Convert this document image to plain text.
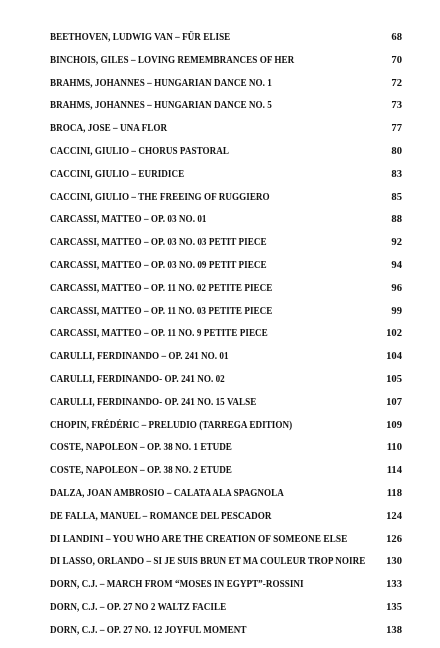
BEETHOVEN, LUDWIG VAN – FÜR ELISE	68
BINCHOIS, GILES – LOVING REMEMBRANCES OF HER	70
BRAHMS, JOHANNES – HUNGARIAN DANCE NO. 1	72
BRAHMS, JOHANNES – HUNGARIAN DANCE NO. 5	73
BROCA, JOSE – UNA FLOR	77
CACCINI, GIULIO – CHORUS PASTORAL	80
CACCINI, GIULIO – EURIDICE	83
CACCINI, GIULIO – THE FREEING OF RUGGIERO	85
CARCASSI, MATTEO – OP. 03 NO. 01	88
CARCASSI, MATTEO – OP. 03 NO. 03 PETIT PIECE	92
CARCASSI, MATTEO – OP. 03 NO. 09 PETIT PIECE	94
CARCASSI, MATTEO – OP. 11 NO. 02 PETITE PIECE	96
CARCASSI, MATTEO – OP. 11 NO. 03 PETITE PIECE	99
CARCASSI, MATTEO – OP. 11 NO. 9 PETITE PIECE	102
CARULLI, FERDINANDO – OP. 241 NO. 01	104
CARULLI, FERDINANDO- OP. 241 NO. 02	105
CARULLI, FERDINANDO- OP. 241 NO. 15 VALSE	107
CHOPIN, FRÉDÉRIC – PRELUDIO (TARREGA EDITION)	109
COSTE, NAPOLEON – OP. 38 NO. 1 ETUDE	110
COSTE, NAPOLEON – OP. 38 NO. 2 ETUDE	114
DALZA, JOAN AMBROSIO – CALATA ALA SPAGNOLA	118
DE FALLA, MANUEL – ROMANCE DEL PESCADOR	124
DI LANDINI – YOU WHO ARE THE CREATION OF SOMEONE ELSE	126
DI LASSO, ORLANDO – SI JE SUIS BRUN ET MA COULEUR TROP NOIRE	130
DORN, C.J. – MARCH FROM “MOSES IN EGYPT”-ROSSINI	133
DORN, C.J. – OP. 27 NO 2 WALTZ FACILE	135
DORN, C.J. – OP. 27 NO. 12 JOYFUL MOMENT	138
